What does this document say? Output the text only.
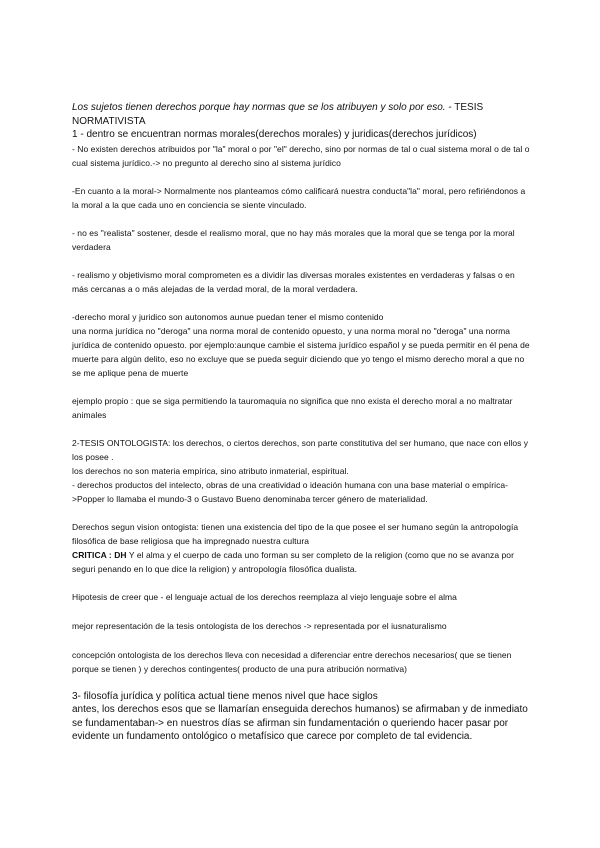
Los sujetos tienen derechos porque hay normas que se los atribuyen y solo por eso. - TESIS NORMATIVISTA

1 - dentro se encuentran normas morales(derechos morales) y juridicas(derechos jurídicos)

- No existen derechos atribuidos por "la" moral o por "el" derecho, sino por normas de tal o cual sistema moral o de tal o cual sistema jurídico.-> no pregunto al derecho sino al sistema jurídico

-En cuanto a la moral-> Normalmente nos planteamos cómo calificará nuestra conducta"la" moral, pero refiriéndonos a la moral a la que cada uno en conciencia se siente vinculado.

- no es "realista" sostener, desde el realismo moral, que no hay más morales que la moral que se tenga por la moral verdadera

- realismo y objetivismo moral comprometen es a dividir las diversas morales existentes en verdaderas y falsas o en más cercanas a o más alejadas de la verdad moral, de la moral verdadera.

-derecho moral y juridico son autonomos aunue puedan tener el mismo contenido
una norma jurídica no "deroga" una norma moral de contenido opuesto, y una norma moral no "deroga" una norma jurídica de contenido opuesto. por ejemplo:aunque cambie el sistema jurídico español y se pueda permitir en él pena de muerte para algún delito, eso no excluye que se pueda seguir diciendo que yo tengo el mismo derecho moral a que no se me aplique pena de muerte

ejemplo propio : que se siga permitiendo la tauromaquia no significa que nno exista el derecho moral a no maltratar animales

2-TESIS ONTOLOGISTA: los derechos, o ciertos derechos, son parte constitutiva del ser humano, que nace con ellos y los posee .
los derechos no son materia empírica, sino atributo inmaterial, espiritual.
- derechos productos del intelecto, obras de una creatividad o ideación humana con una base material o empírica->Popper lo llamaba el mundo-3 o Gustavo Bueno denominaba tercer género de materialidad.

Derechos segun vision ontogista: tienen una existencia del tipo de la que posee el ser humano según la antropología filosófica de base religiosa que ha impregnado nuestra cultura

CRITICA : DH Y el alma y el cuerpo de cada uno forman su ser completo de la religion (como que no se avanza por seguri penando en lo que dice la religion) y antropología filosófica dualista.

Hipotesis de creer que - el lenguaje actual de los derechos reemplaza al viejo lenguaje sobre el alma

mejor representación de la tesis ontologista de los derechos -> representada por el iusnaturalismo

concepción ontologista de los derechos lleva con necesidad a diferenciar entre derechos necesarios( que se tienen porque se tienen ) y derechos contingentes( producto de una pura atribución normativa)

3- filosofía jurídica y política actual tiene menos nivel que hace siglos
antes, los derechos esos que se llamarían enseguida derechos humanos) se afirmaban y de inmediato se fundamentaban-> en nuestros días se afirman sin fundamentación o queriendo hacer pasar por evidente un fundamento ontológico o metafísico que carece por completo de tal evidencia.
